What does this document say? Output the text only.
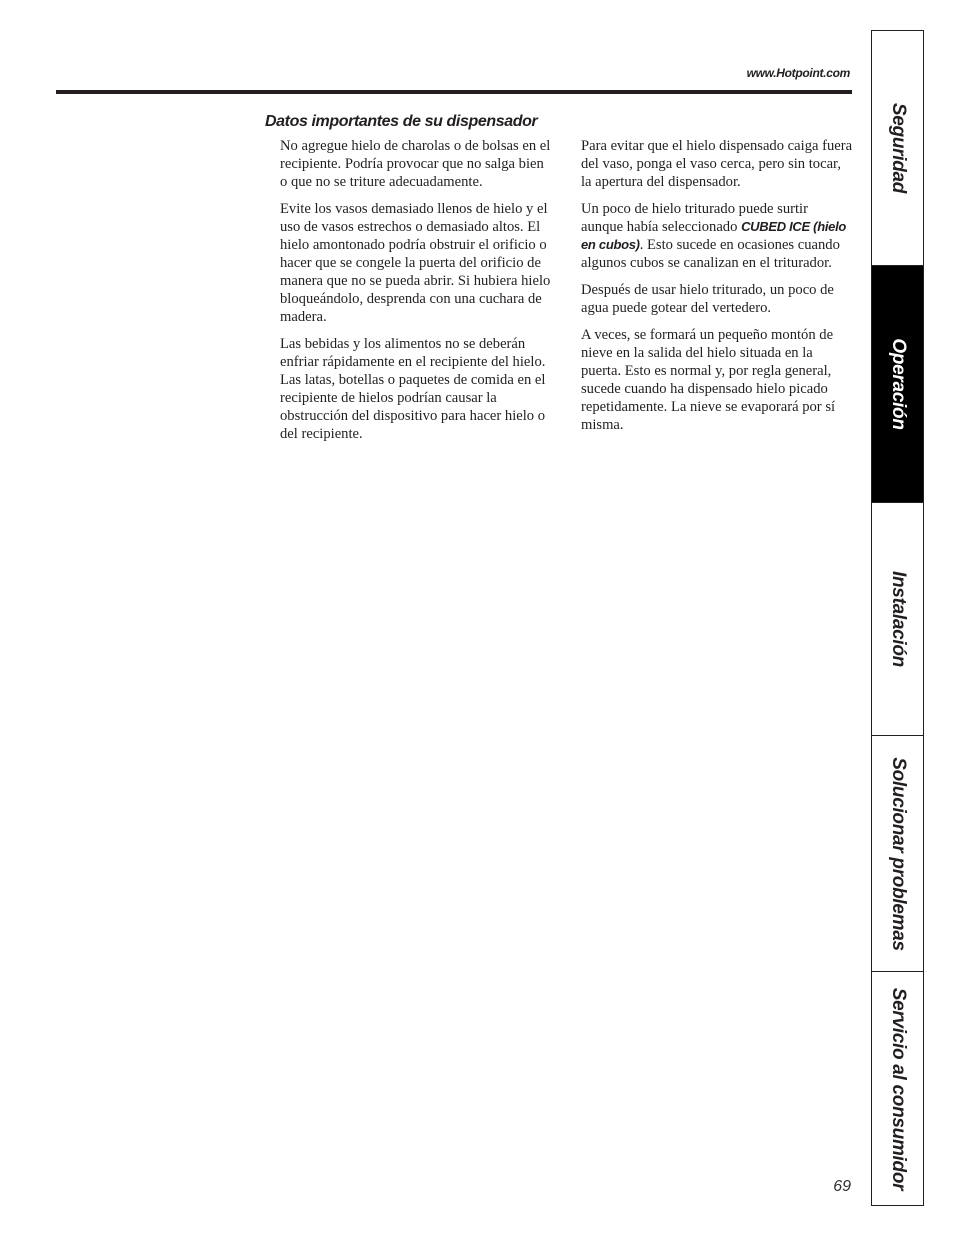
www.Hotpoint.com
Datos importantes de su dispensador

No agregue hielo de charolas o de bolsas en el recipiente. Podría provocar que no salga bien o que no se triture adecuadamente.

Evite los vasos demasiado llenos de hielo y el uso de vasos estrechos o demasiado altos. El hielo amontonado podría obstruir el orificio o hacer que se congele la puerta del orificio de manera que no se pueda abrir. Si hubiera hielo bloqueándolo, desprenda con una cuchara de madera.

Las bebidas y los alimentos no se deberán enfriar rápidamente en el recipiente del hielo. Las latas, botellas o paquetes de comida en el recipiente de hielos podrían causar la obstrucción del dispositivo para hacer hielo o del recipiente.

Para evitar que el hielo dispensado caiga fuera del vaso, ponga el vaso cerca, pero sin tocar, la apertura del dispensador.

Un poco de hielo triturado puede surtir aunque había seleccionado CUBED ICE (hielo en cubos). Esto sucede en ocasiones cuando algunos cubos se canalizan en el triturador.

Después de usar hielo triturado, un poco de agua puede gotear del vertedero.

A veces, se formará un pequeño montón de nieve en la salida del hielo situada en la puerta. Esto es normal y, por regla general, sucede cuando ha dispensado hielo picado repetidamente. La nieve se evaporará por sí misma.

69
Seguridad
Operación
Instalación
Solucionar problemas
Servicio al consumidor
